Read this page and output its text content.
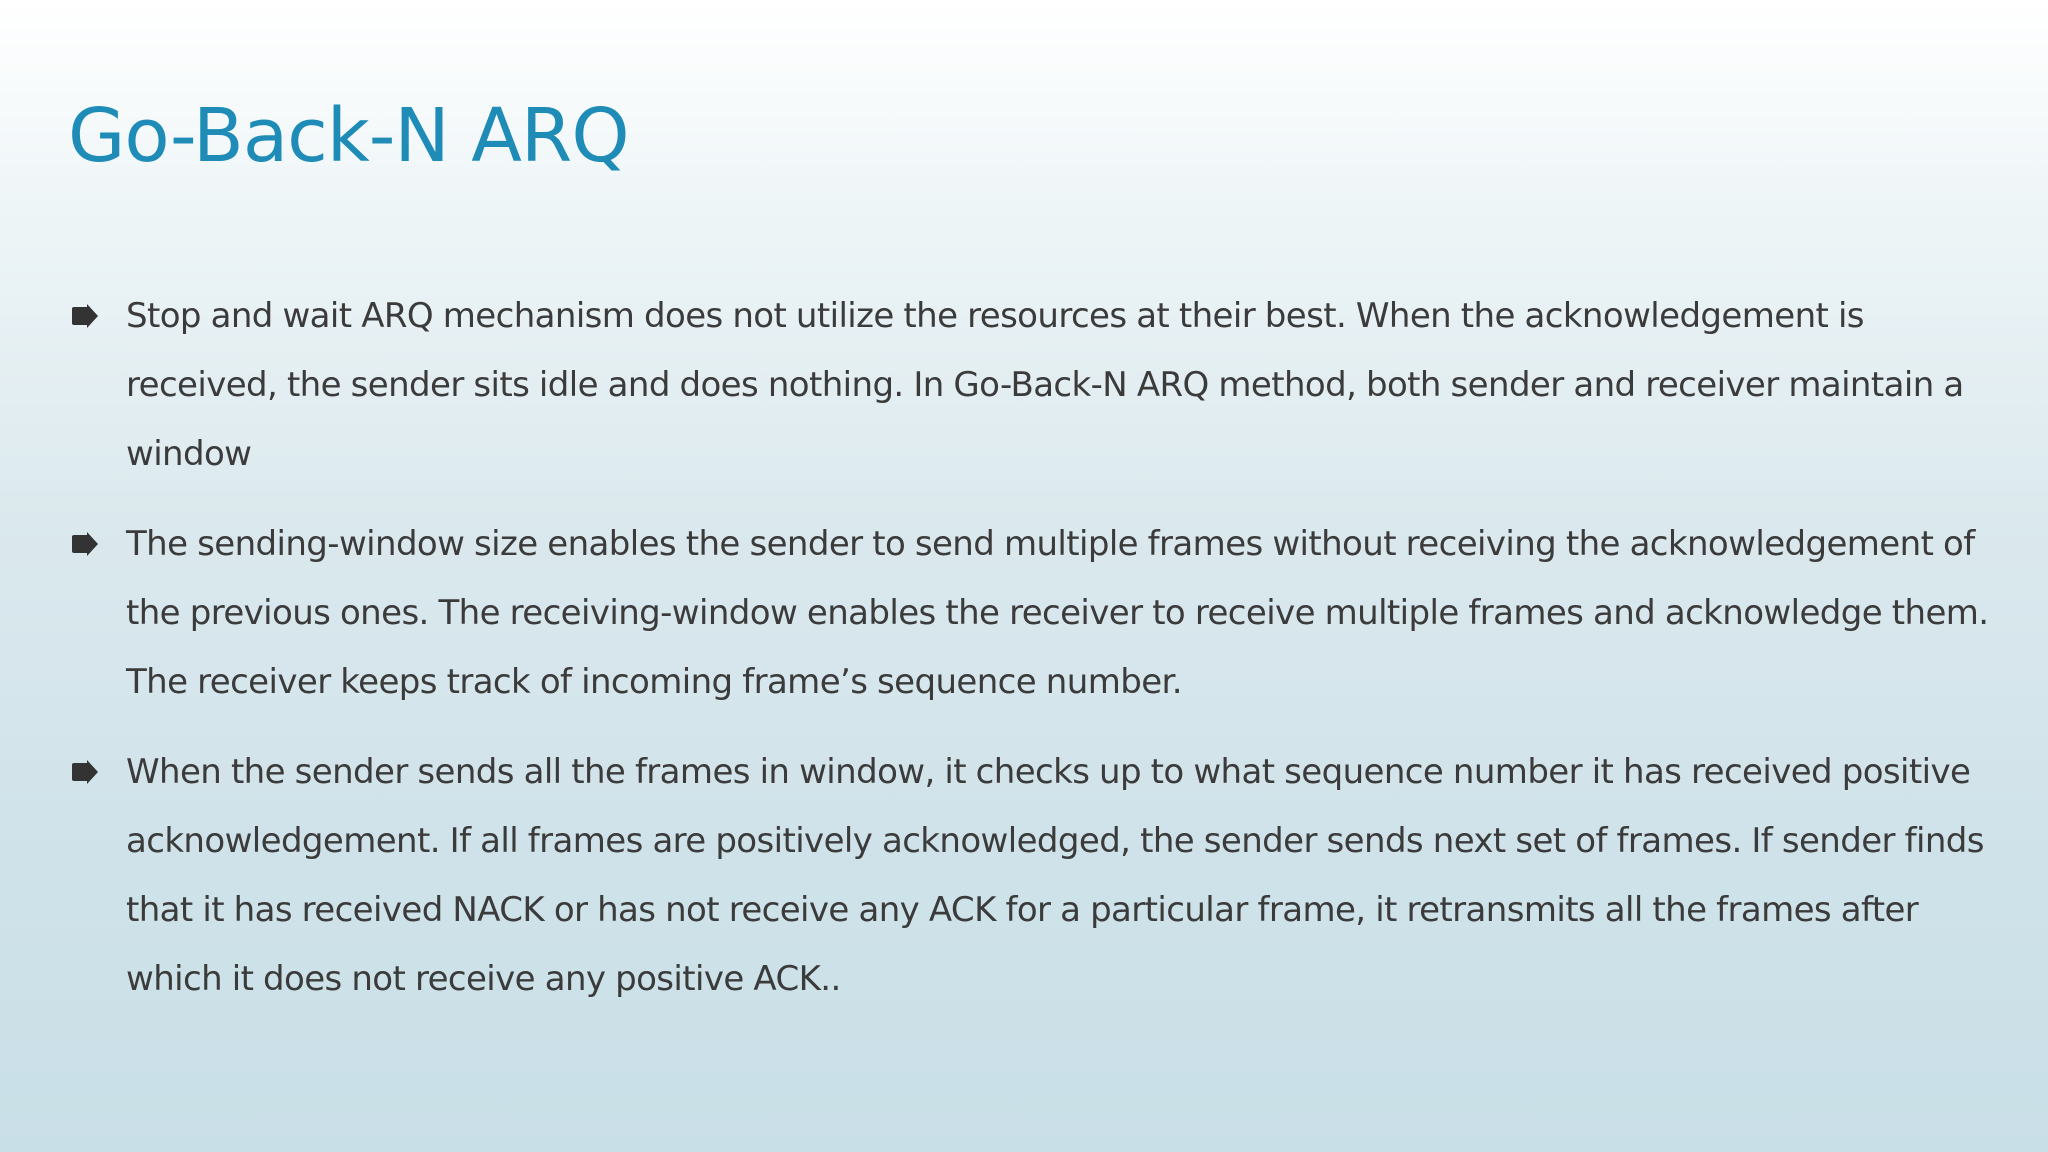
Go-Back-N ARQ
Stop and wait ARQ mechanism does not utilize the resources at their best. When the acknowledgement is received, the sender sits idle and does nothing. In Go-Back-N ARQ method, both sender and receiver maintain a window
The sending-window size enables the sender to send multiple frames without receiving the acknowledgement of the previous ones. The receiving-window enables the receiver to receive multiple frames and acknowledge them. The receiver keeps track of incoming frame’s sequence number.
When the sender sends all the frames in window, it checks up to what sequence number it has received positive acknowledgement. If all frames are positively acknowledged, the sender sends next set of frames. If sender finds that it has received NACK or has not receive any ACK for a particular frame, it retransmits all the frames after which it does not receive any positive ACK..
